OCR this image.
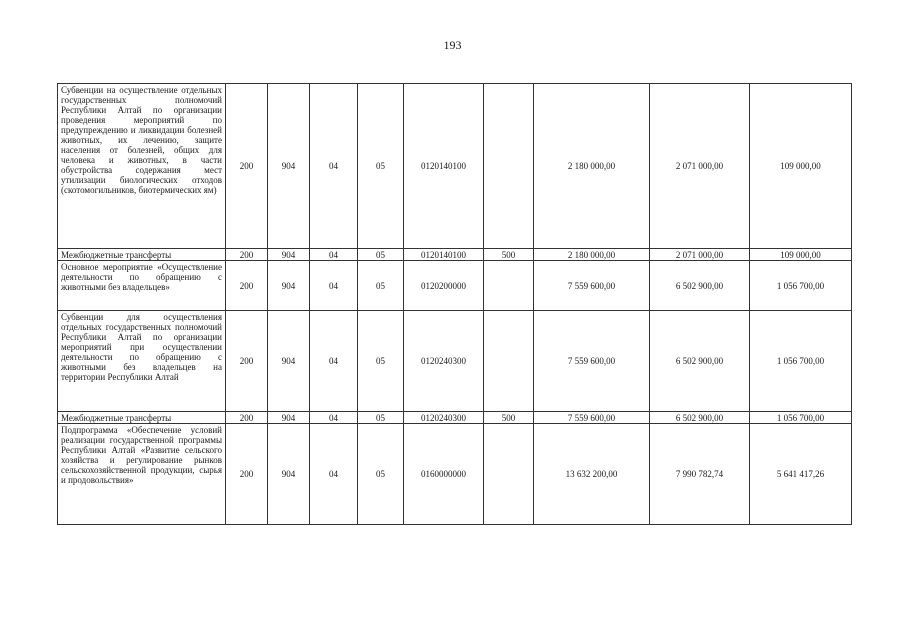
193
Субвенции на осуществление отдельных государственных полномочий Республики Алтай по организации проведения мероприятий по предупреждению и ликвидации болезней животных, их лечению, защите населения от болезней, общих для человека и животных, в части обустройства содержания мест утилизации биологических отходов (скотомогильников, биотермических ям)	200	904	04	05	0120140100		2 180 000,00	2 071 000,00	109 000,00
Межбюджетные трансферты	200	904	04	05	0120140100	500	2 180 000,00	2 071 000,00	109 000,00
Основное мероприятие «Осуществление деятельности по обращению с животными без владельцев»	200	904	04	05	0120200000		7 559 600,00	6 502 900,00	1 056 700,00
Субвенции для осуществления отдельных государственных полномочий Республики Алтай по организации мероприятий при осуществлении деятельности по обращению с животными без владельцев на территории Республики Алтай	200	904	04	05	0120240300		7 559 600,00	6 502 900,00	1 056 700,00
Межбюджетные трансферты	200	904	04	05	0120240300	500	7 559 600,00	6 502 900,00	1 056 700,00
Подпрограмма «Обеспечение условий реализации государственной программы Республики Алтай «Развитие сельского хозяйства и регулирование рынков сельскохозяйственной продукции, сырья и продовольствия»	200	904	04	05	0160000000		13 632 200,00	7 990 782,74	5 641 417,26
